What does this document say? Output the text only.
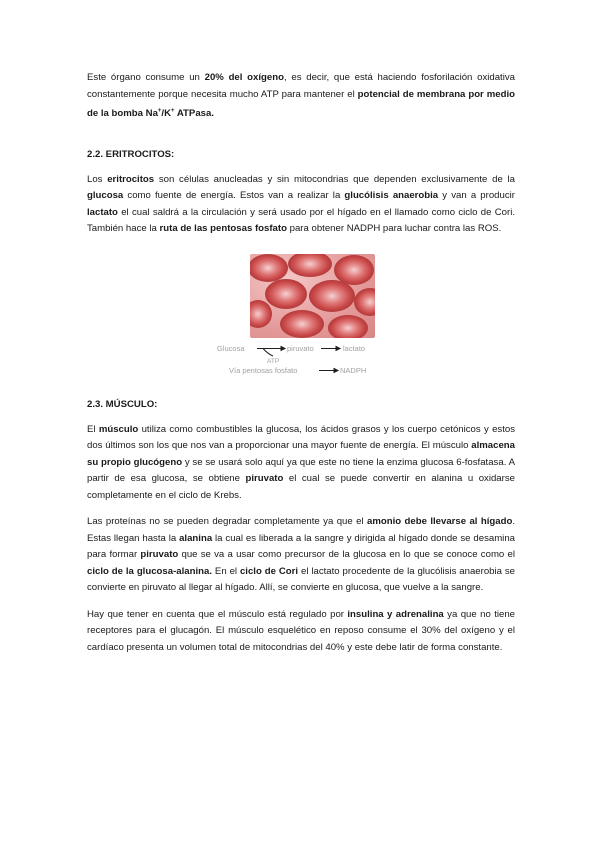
Este órgano consume un 20% del oxígeno, es decir, que está haciendo fosforilación oxidativa constantemente porque necesita mucho ATP para mantener el potencial de membrana por medio de la bomba Na+/K+ ATPasa.

2.2. ERITROCITOS:

Los eritrocitos son células anucleadas y sin mitocondrias que dependen exclusivamente de la glucosa como fuente de energía. Estos van a realizar la glucólisis anaerobia y van a producir lactato el cual saldrá a la circulación y será usado por el hígado en el llamado como ciclo de Cori. También hace la ruta de las pentosas fosfato para obtener NADPH para luchar contra las ROS.

Glucosa	piruvato	lactato
ATP
Vía pentosas fosfato	NADPH
2.3. MÚSCULO:

El músculo utiliza como combustibles la glucosa, los ácidos grasos y los cuerpo cetónicos y estos dos últimos son los que nos van a proporcionar una mayor fuente de energía. El músculo almacena su propio glucógeno y se se usará solo aquí ya que este no tiene la enzima glucosa 6-fosfatasa. A partir de esa glucosa, se obtiene piruvato el cual se puede convertir en alanina u oxidarse completamente en el ciclo de Krebs.

Las proteínas no se pueden degradar completamente ya que el amonio debe llevarse al hígado. Estas llegan hasta la alanina la cual es liberada a la sangre y dirigida al hígado donde se desamina para formar piruvato que se va a usar como precursor de la glucosa en lo que se conoce como el ciclo de la glucosa-alanina. En el ciclo de Cori el lactato procedente de la glucólisis anaerobia se convierte en piruvato al llegar al hígado. Allí, se convierte en glucosa, que vuelve a la sangre.

Hay que tener en cuenta que el músculo está regulado por insulina y adrenalina ya que no tiene receptores para el glucagón. El músculo esquelético en reposo consume el 30% del oxígeno y el cardíaco presenta un volumen total de mitocondrias del 40% y este debe latir de forma constante.
